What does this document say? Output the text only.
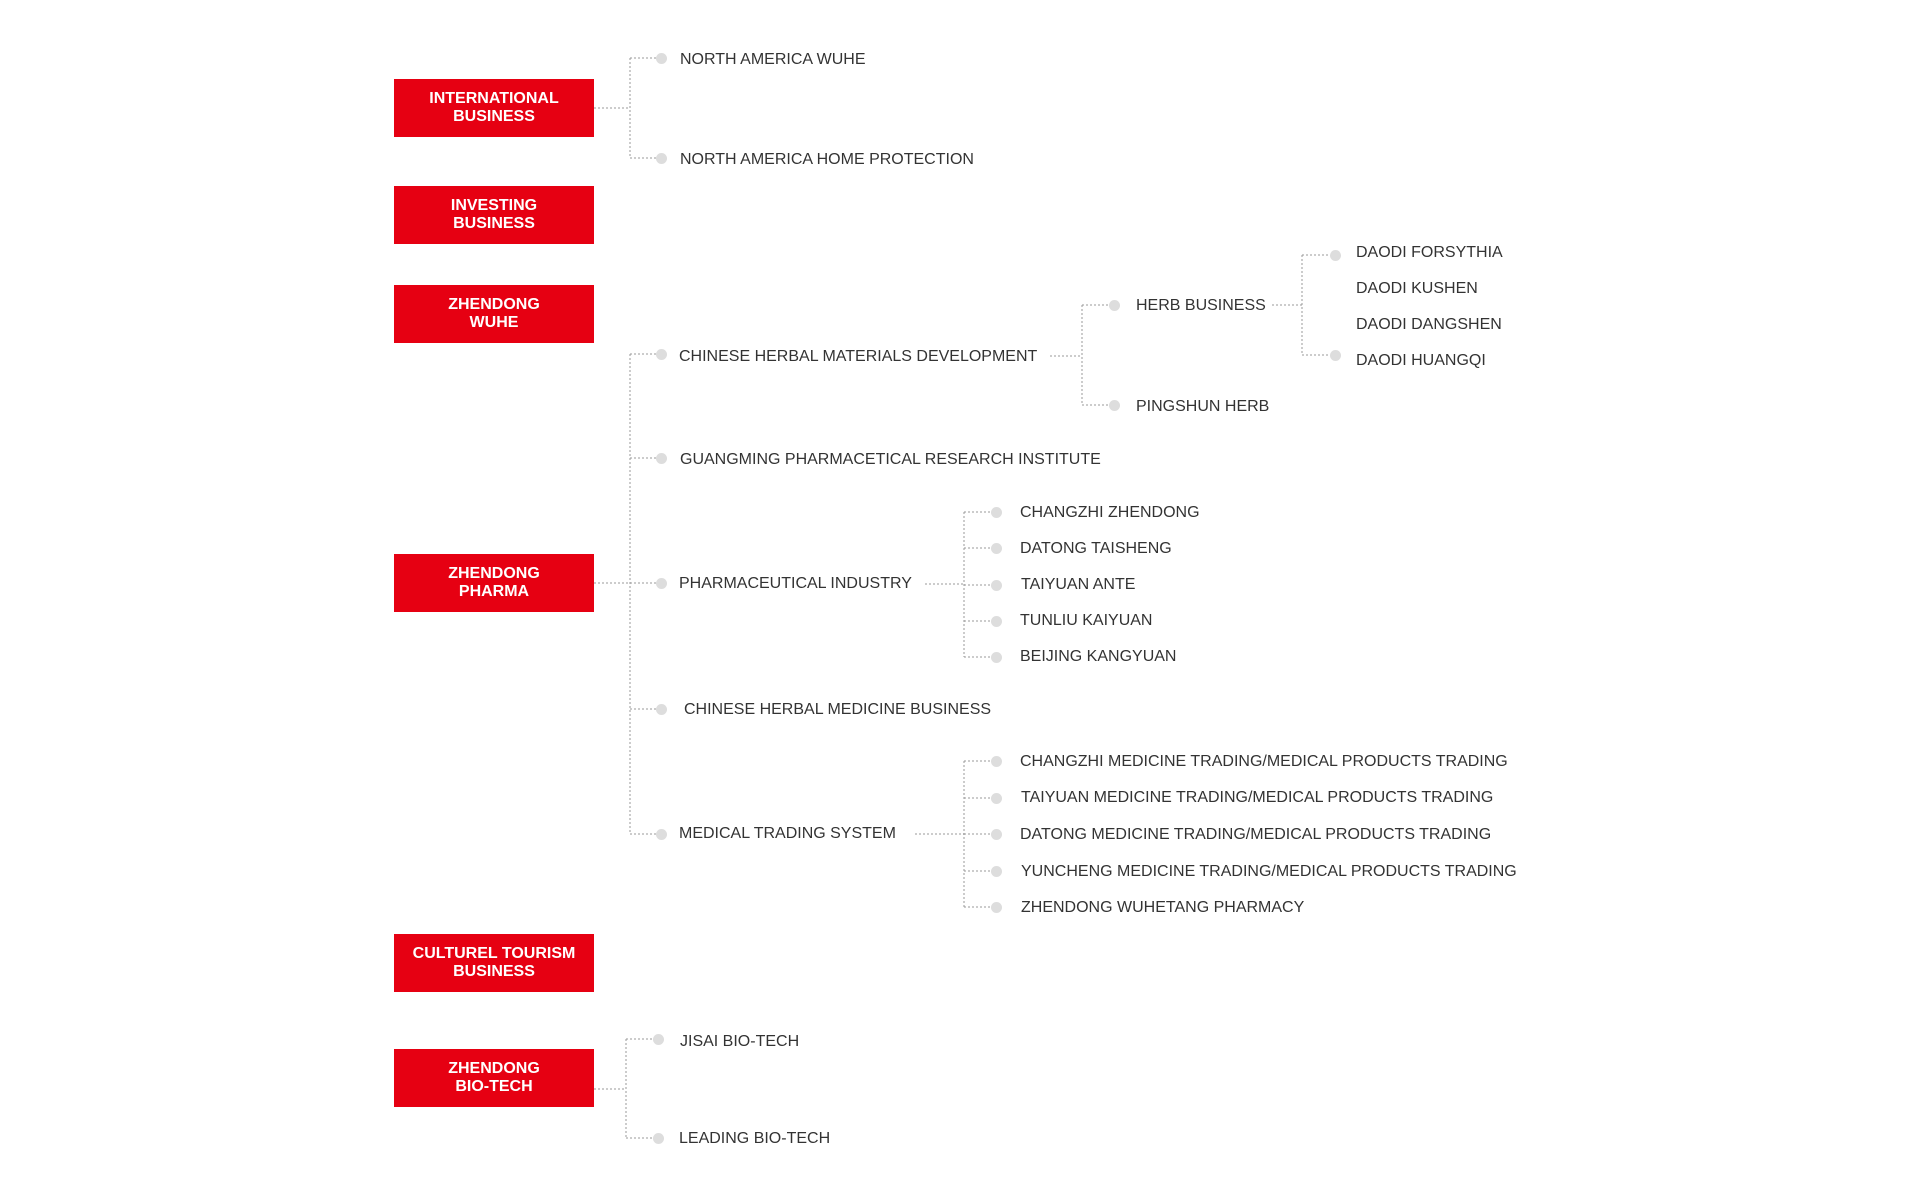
INTERNATIONAL
BUSINESS
INVESTING
BUSINESS
ZHENDONG
WUHE
ZHENDONG
PHARMA
CULTUREL TOURISM
BUSINESS
ZHENDONG
BIO-TECH
NORTH AMERICA WUHE
NORTH AMERICA HOME PROTECTION
CHINESE HERBAL MATERIALS DEVELOPMENT
GUANGMING PHARMACETICAL RESEARCH INSTITUTE
PHARMACEUTICAL INDUSTRY
CHINESE HERBAL MEDICINE BUSINESS
MEDICAL TRADING SYSTEM
HERB BUSINESS
PINGSHUN HERB
DAODI FORSYTHIA
DAODI KUSHEN
DAODI DANGSHEN
DAODI HUANGQI
CHANGZHI ZHENDONG
DATONG TAISHENG
TAIYUAN ANTE
TUNLIU KAIYUAN
BEIJING KANGYUAN
CHANGZHI MEDICINE TRADING/MEDICAL PRODUCTS TRADING
TAIYUAN MEDICINE TRADING/MEDICAL PRODUCTS TRADING
DATONG MEDICINE TRADING/MEDICAL PRODUCTS TRADING
YUNCHENG MEDICINE TRADING/MEDICAL PRODUCTS TRADING
ZHENDONG WUHETANG PHARMACY
JISAI BIO-TECH
LEADING BIO-TECH
